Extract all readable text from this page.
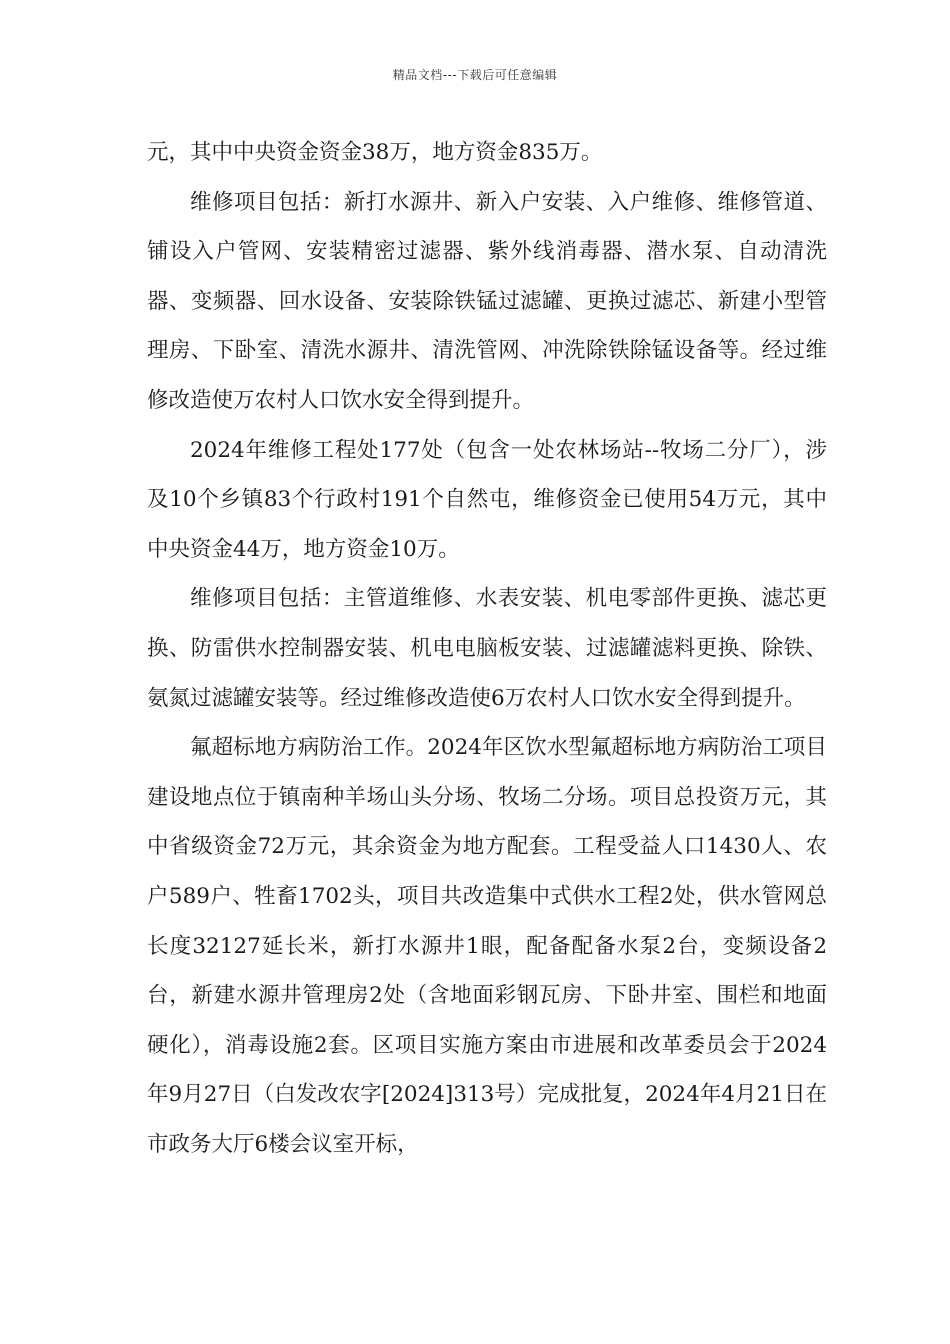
精品文档---下载后可任意编辑

元，其中中央资金资金38万，地方资金835万。

维修项目包括：新打水源井、新入户安装、入户维修、维修管道、铺设入户管网、安装精密过滤器、紫外线消毒器、潜水泵、自动清洗器、变频器、回水设备、安装除铁锰过滤罐、更换过滤芯、新建小型管理房、下卧室、清洗水源井、清洗管网、冲洗除铁除锰设备等。经过维修改造使万农村人口饮水安全得到提升。

2024年维修工程处177处（包含一处农林场站--牧场二分厂），涉及10个乡镇83个行政村191个自然屯，维修资金已使用54万元，其中中央资金44万，地方资金10万。

维修项目包括：主管道维修、水表安装、机电零部件更换、滤芯更换、防雷供水控制器安装、机电电脑板安装、过滤罐滤料更换、除铁、氨氮过滤罐安装等。经过维修改造使6万农村人口饮水安全得到提升。

氟超标地方病防治工作。2024年区饮水型氟超标地方病防治工项目建设地点位于镇南种羊场山头分场、牧场二分场。项目总投资万元，其中省级资金72万元，其余资金为地方配套。工程受益人口1430人、农户589户、牲畜1702头，项目共改造集中式供水工程2处，供水管网总长度32127延长米，新打水源井1眼，配备配备水泵2台，变频设备2台，新建水源井管理房2处（含地面彩钢瓦房、下卧井室、围栏和地面硬化），消毒设施2套。区项目实施方案由市进展和改革委员会于2024年9月27日（白发改农字[2024]313号）完成批复，2024年4月21日在市政务大厅6楼会议室开标，
